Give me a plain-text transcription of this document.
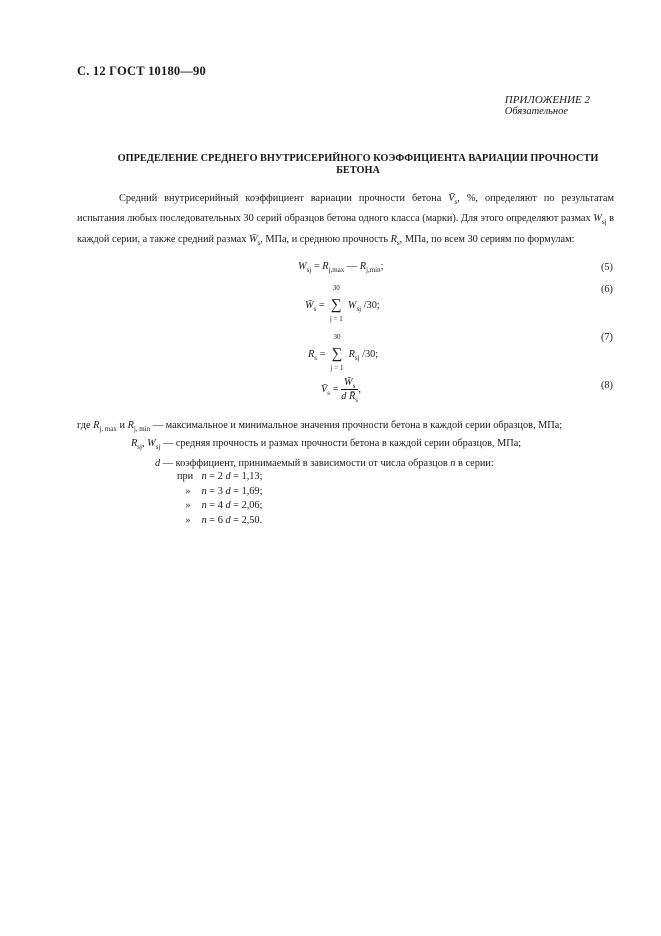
С. 12 ГОСТ 10180—90
ПРИЛОЖЕНИЕ 2
Обязательное
ОПРЕДЕЛЕНИЕ СРЕДНЕГО ВНУТРИСЕРИЙНОГО КОЭФФИЦИЕНТА ВАРИАЦИИ ПРОЧНОСТИ
БЕТОНА
Средний внутрисерийный коэффициент вариации прочности бетона $V̄_s$, %, определяют по результатам испытания любых последовательных 30 серий образцов бетона одного класса (марки). Для этого определяют размах $W_{sj}$ в каждой серии, а также средний размах $W̄_s$, МПа, и среднюю прочность $R_s$, МПа, по всем 30 сериям по формулам:
$W_{sj} = R_{j,max}$ — $R_{j,min}$;	(5)
(6)
$W̄_s$ =
30
∑
j = 1
$W_{sj}$ /30;
(7)
$R_s$ =
30
∑
j = 1
$R_{sj}$ /30;
(8)
$V̄_s = \frac{W̄_s}{d R̄_s}$ ,
где $R_{j, max}$ и $R_{j, min}$ — максимальное и минимальное значения прочности бетона в каждой серии образцов, МПа;
$R_{sj}$, $W_{sj}$ — средняя прочность и размах прочности бетона в каждой серии образцов, МПа;
d — коэффициент, принимаемый в зависимости от числа образцов n в серии:
при n = 2 d = 1,13;
» n = 3 d = 1,69;
» n = 4 d = 2,06;
» n = 6 d = 2,50.
